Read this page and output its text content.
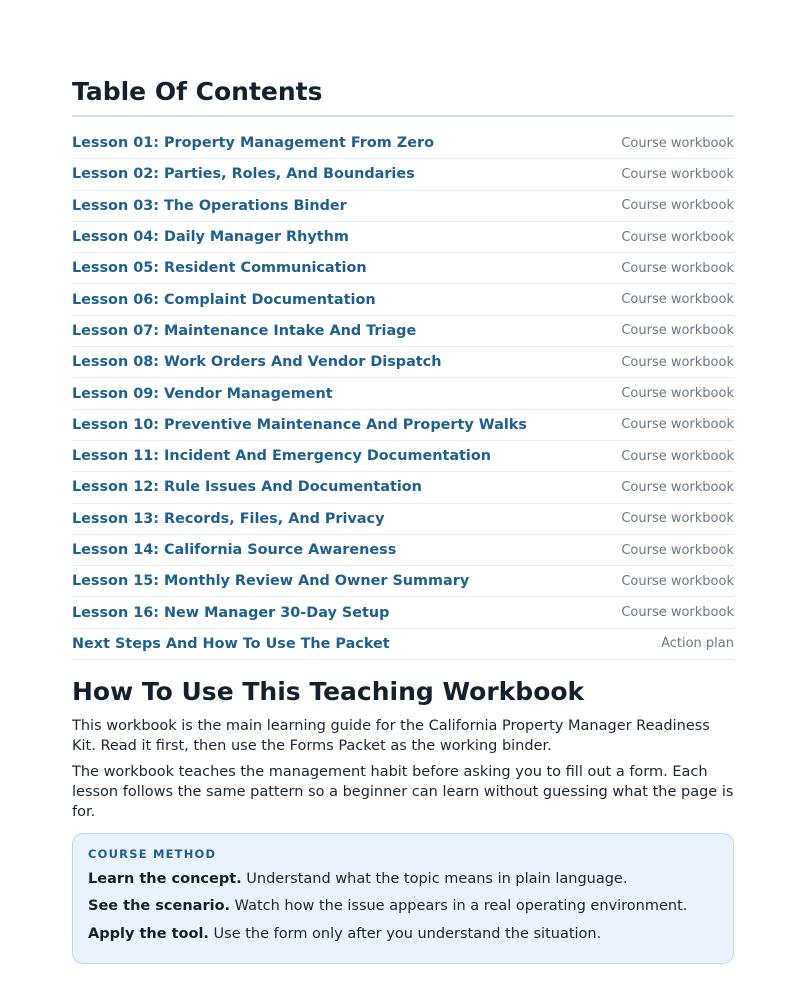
Table Of Contents
Lesson 01: Property Management From Zero	Course workbook
Lesson 02: Parties, Roles, And Boundaries	Course workbook
Lesson 03: The Operations Binder	Course workbook
Lesson 04: Daily Manager Rhythm	Course workbook
Lesson 05: Resident Communication	Course workbook
Lesson 06: Complaint Documentation	Course workbook
Lesson 07: Maintenance Intake And Triage	Course workbook
Lesson 08: Work Orders And Vendor Dispatch	Course workbook
Lesson 09: Vendor Management	Course workbook
Lesson 10: Preventive Maintenance And Property Walks	Course workbook
Lesson 11: Incident And Emergency Documentation	Course workbook
Lesson 12: Rule Issues And Documentation	Course workbook
Lesson 13: Records, Files, And Privacy	Course workbook
Lesson 14: California Source Awareness	Course workbook
Lesson 15: Monthly Review And Owner Summary	Course workbook
Lesson 16: New Manager 30-Day Setup	Course workbook
Next Steps And How To Use The Packet	Action plan
How To Use This Teaching Workbook

This workbook is the main learning guide for the California Property Manager Readiness Kit. Read it first, then use the Forms Packet as the working binder.

The workbook teaches the management habit before asking you to fill out a form. Each lesson follows the same pattern so a beginner can learn without guessing what the page is for.

COURSE METHOD
Learn the concept. Understand what the topic means in plain language.
See the scenario. Watch how the issue appears in a real operating environment.
Apply the tool. Use the form only after you understand the situation.
